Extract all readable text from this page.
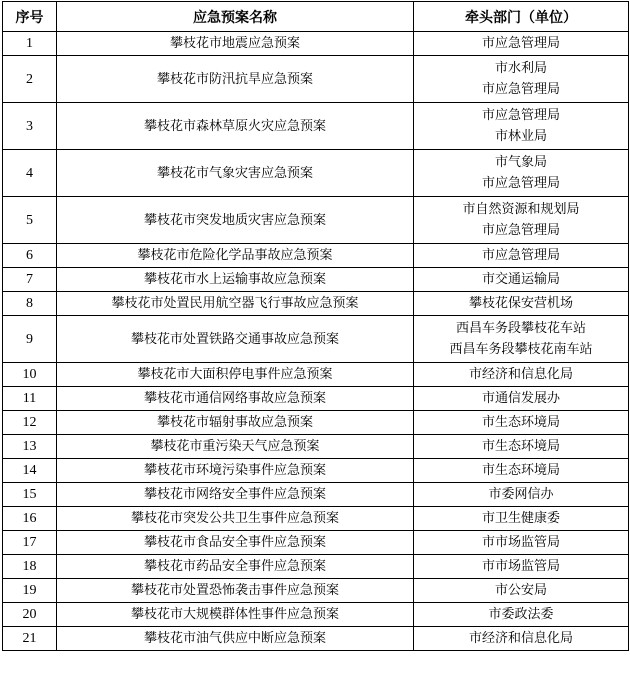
序号	应急预案名称	牵头部门（单位）
1	攀枝花市地震应急预案	市应急管理局

2	攀枝花市防汛抗旱应急预案	市水利局
市应急管理局

3	攀枝花市森林草原火灾应急预案	市应急管理局
市林业局

4	攀枝花市气象灾害应急预案	市气象局
市应急管理局

5	攀枝花市突发地质灾害应急预案	市自然资源和规划局
市应急管理局

6	攀枝花市危险化学品事故应急预案	市应急管理局

7	攀枝花市水上运输事故应急预案	市交通运输局

8	攀枝花市处置民用航空器飞行事故应急预案	攀枝花保安营机场

9	攀枝花市处置铁路交通事故应急预案	西昌车务段攀枝花车站
西昌车务段攀枝花南车站

10	攀枝花市大面积停电事件应急预案	市经济和信息化局

11	攀枝花市通信网络事故应急预案	市通信发展办

12	攀枝花市辐射事故应急预案	市生态环境局

13	攀枝花市重污染天气应急预案	市生态环境局

14	攀枝花市环境污染事件应急预案	市生态环境局

15	攀枝花市网络安全事件应急预案	市委网信办

16	攀枝花市突发公共卫生事件应急预案	市卫生健康委

17	攀枝花市食品安全事件应急预案	市市场监管局

18	攀枝花市药品安全事件应急预案	市市场监管局

19	攀枝花市处置恐怖袭击事件应急预案	市公安局

20	攀枝花市大规模群体性事件应急预案	市委政法委

21	攀枝花市油气供应中断应急预案	市经济和信息化局
